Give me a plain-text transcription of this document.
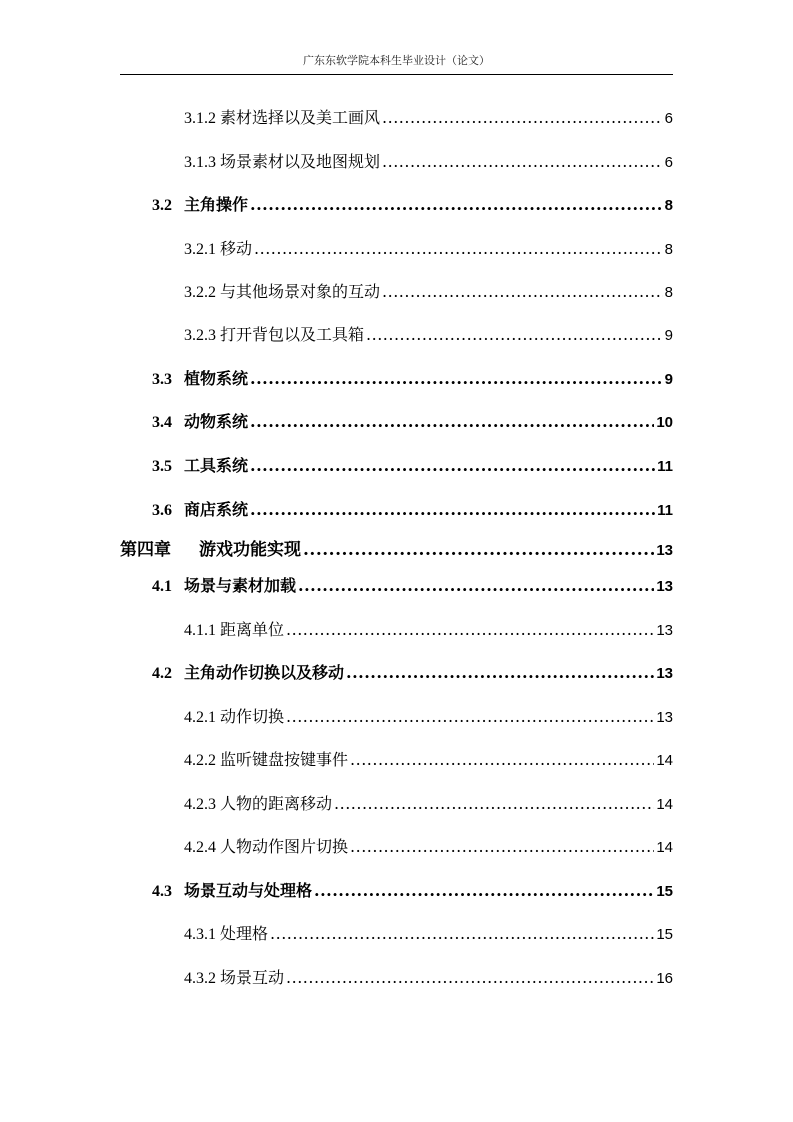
广东东软学院本科生毕业设计（论文）
3.1.2 素材选择以及美工画风 .....	6
3.1.3 场景素材以及地图规划 .....	6
3.2 主角操作 .....	8
3.2.1 移动 .....	8
3.2.2 与其他场景对象的互动 .....	8
3.2.3 打开背包以及工具箱 .....	9
3.3 植物系统 .....	9
3.4 动物系统 .....	10
3.5 工具系统 .....	11
3.6 商店系统 .....	11
第四章 游戏功能实现 .....	13
4.1 场景与素材加载 .....	13
4.1.1 距离单位 .....	13
4.2 主角动作切换以及移动 .....	13
4.2.1 动作切换 .....	13
4.2.2 监听键盘按键事件 .....	14
4.2.3 人物的距离移动 .....	14
4.2.4 人物动作图片切换 .....	14
4.3 场景互动与处理格 .....	15
4.3.1 处理格 .....	15
4.3.2 场景互动 .....	16
